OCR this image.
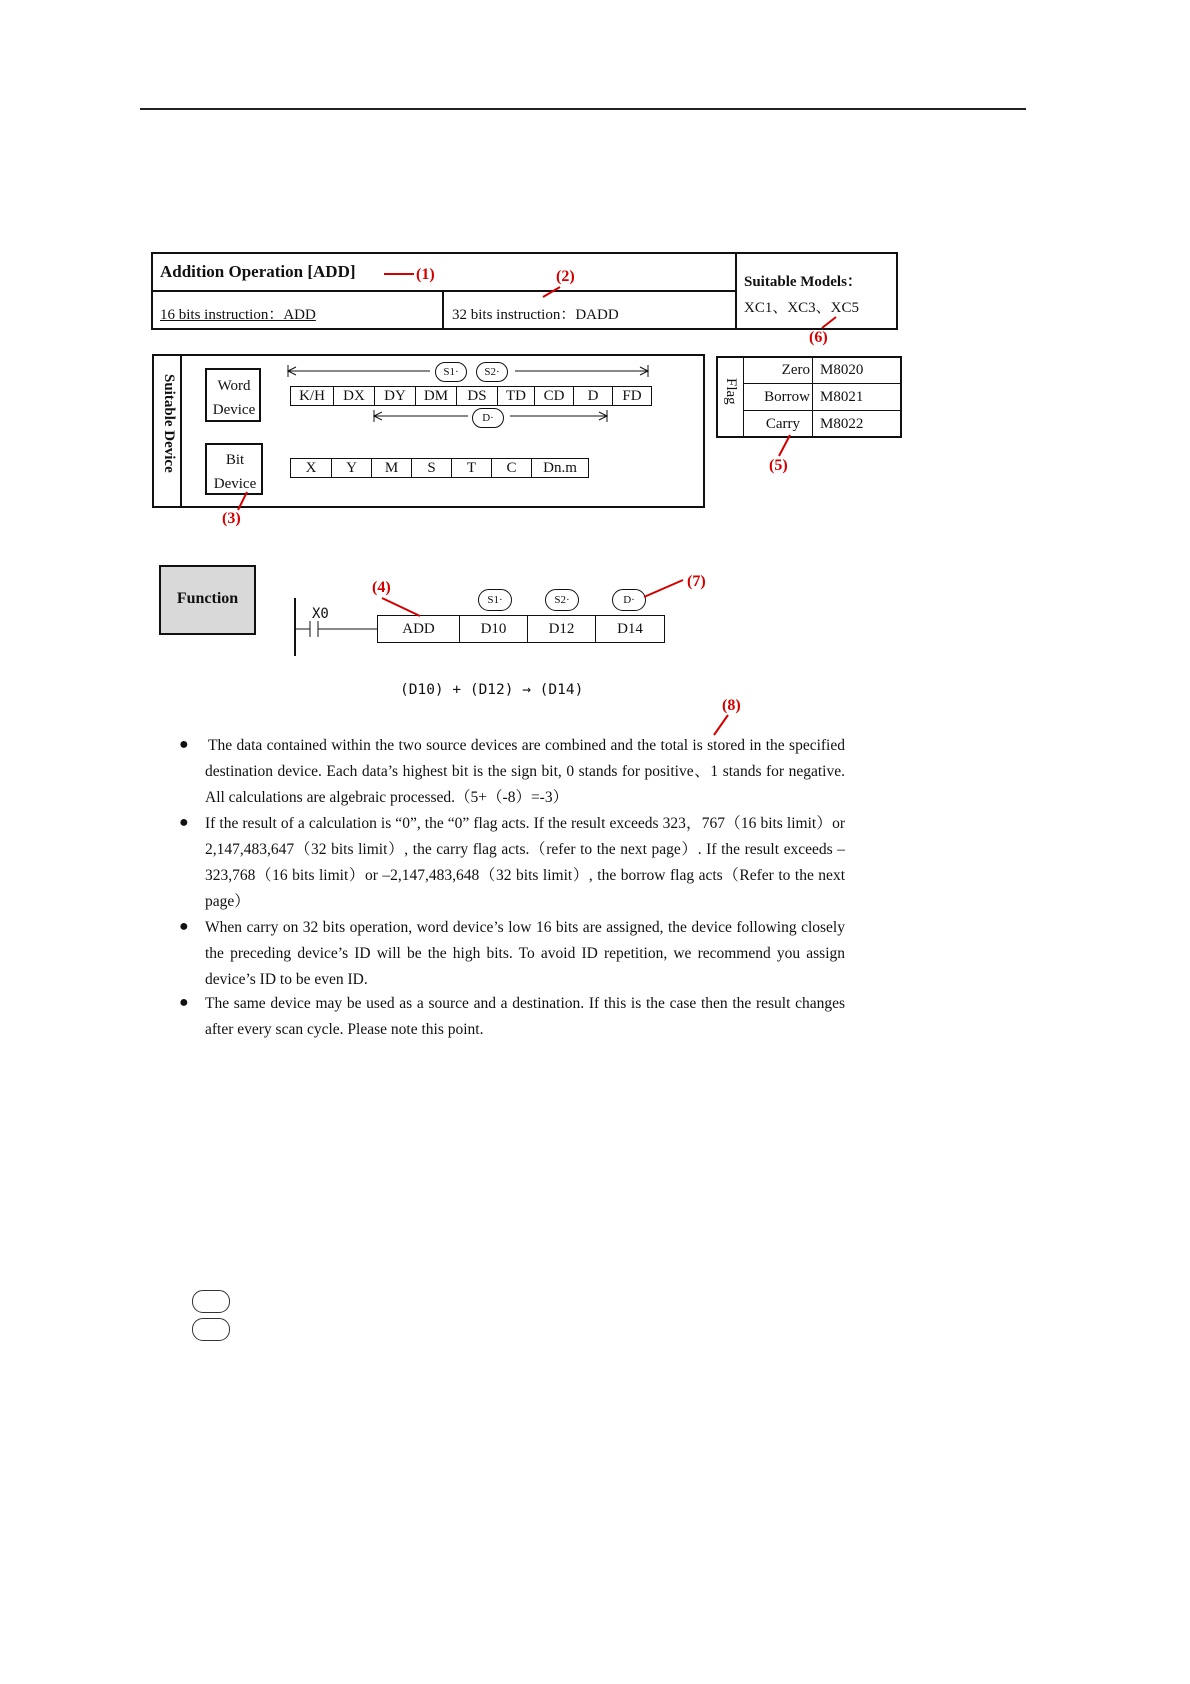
Addition Operation [ADD]
16 bits instruction：ADD	32 bits instruction：DADD
Suitable Models：
XC1、XC3、XC5
Suitable Device	Word Device
Bit Device
K/H	DX	DY	DM	DS	TD	CD	D	FD
X	Y	M	S	T	C	Dn.m
S1·	S2·
D·
Flag
Zero M8020
Borrow M8021
Carry M8022
Function
X0
ADD	D10	D12	D14
S1·	S2·	D·
(D10) + (D12) → (D14)
(1)	(2)
(3)
(4)
(5)
(6)
(7)
(8)
● The data contained within the two source devices are combined and the total is stored in the specified destination device. Each data’s highest bit is the sign bit, 0 stands for positive、1 stands for negative. All calculations are algebraic processed.（5+（-8）=-3）
● If the result of a calculation is “0”, the “0” flag acts. If the result exceeds 323，767（16 bits limit）or 2,147,483,647（32 bits limit）, the carry flag acts.（refer to the next page）. If the result exceeds –323,768（16 bits limit）or –2,147,483,648（32 bits limit）, the borrow flag acts（Refer to the next page）
● When carry on 32 bits operation, word device’s low 16 bits are assigned, the device following closely the preceding device’s ID will be the high bits. To avoid ID repetition, we recommend you assign device’s ID to be even ID.
● The same device may be used as a source and a destination. If this is the case then the result changes after every scan cycle. Please note this point.
